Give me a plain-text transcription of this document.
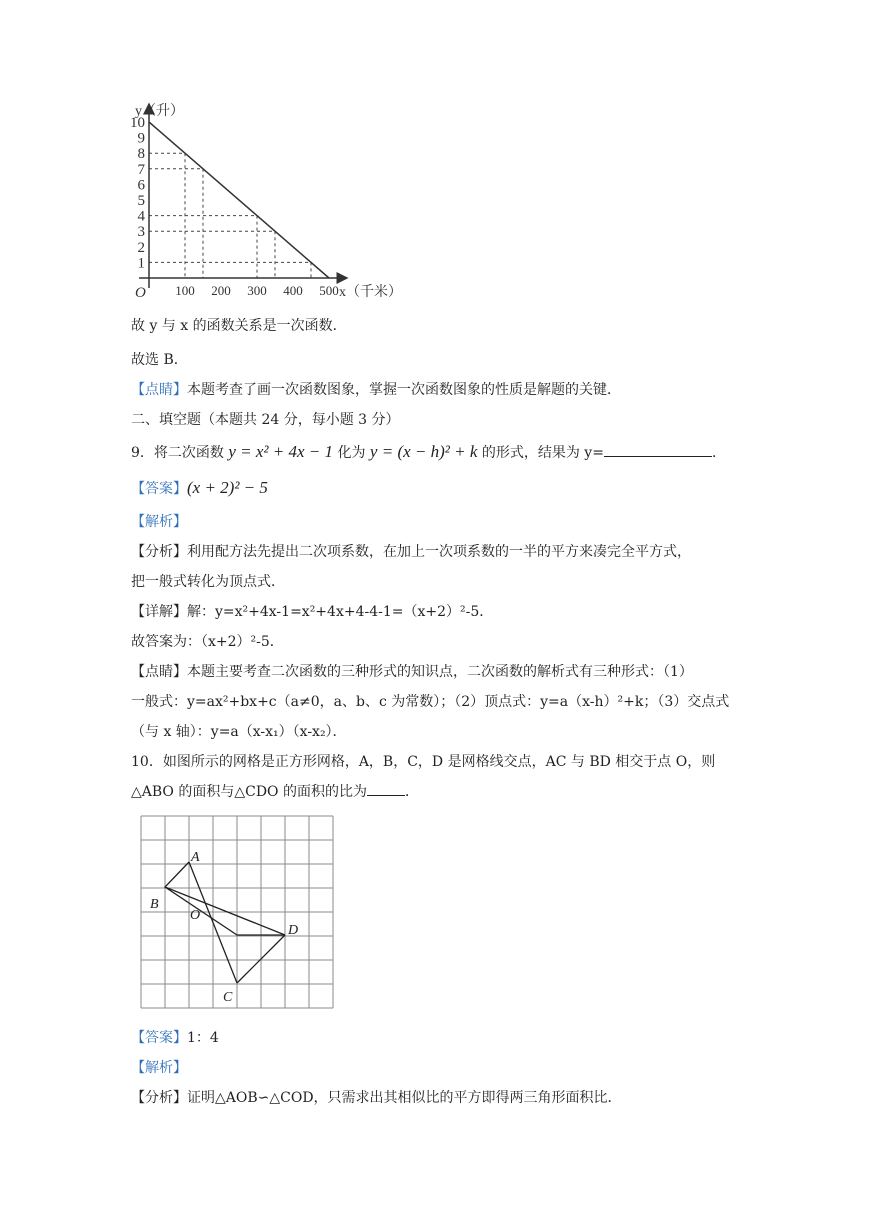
1
2
3
4
5
6
7
8
9
10
100 200 300 400 500
y（升）
x（千米）
O
故 y 与 x 的函数关系是一次函数．
故选 B．
【点睛】本题考查了画一次函数图象，掌握一次函数图象的性质是解题的关键．
二、填空题（本题共 24 分，每小题 3 分）
9．将二次函数 y = x² + 4x − 1 化为 y = (x − h)² + k 的形式，结果为 y=	．
【答案】(x + 2)² − 5
【解析】
【分析】利用配方法先提出二次项系数，在加上一次项系数的一半的平方来凑完全平方式，
把一般式转化为顶点式．
【详解】解：y=x²+4x-1=x²+4x+4-4-1=（x+2）²-5．
故答案为：（x+2）²-5．
【点睛】本题主要考查二次函数的三种形式的知识点，二次函数的解析式有三种形式：（1）
一般式：y=ax²+bx+c（a≠0，a、b、c 为常数）；（2）顶点式：y=a（x-h）²+k；（3）交点式
（与 x 轴）：y=a（x-x₁）（x-x₂）．
10．如图所示的网格是正方形网格，A，B，C，D 是网格线交点，AC 与 BD 相交于点 O，则
△ABO 的面积与△CDO 的面积的比为	．
A
B
O
D
C
【答案】1：4
【解析】
【分析】证明△AOB∽△COD，只需求出其相似比的平方即得两三角形面积比．
